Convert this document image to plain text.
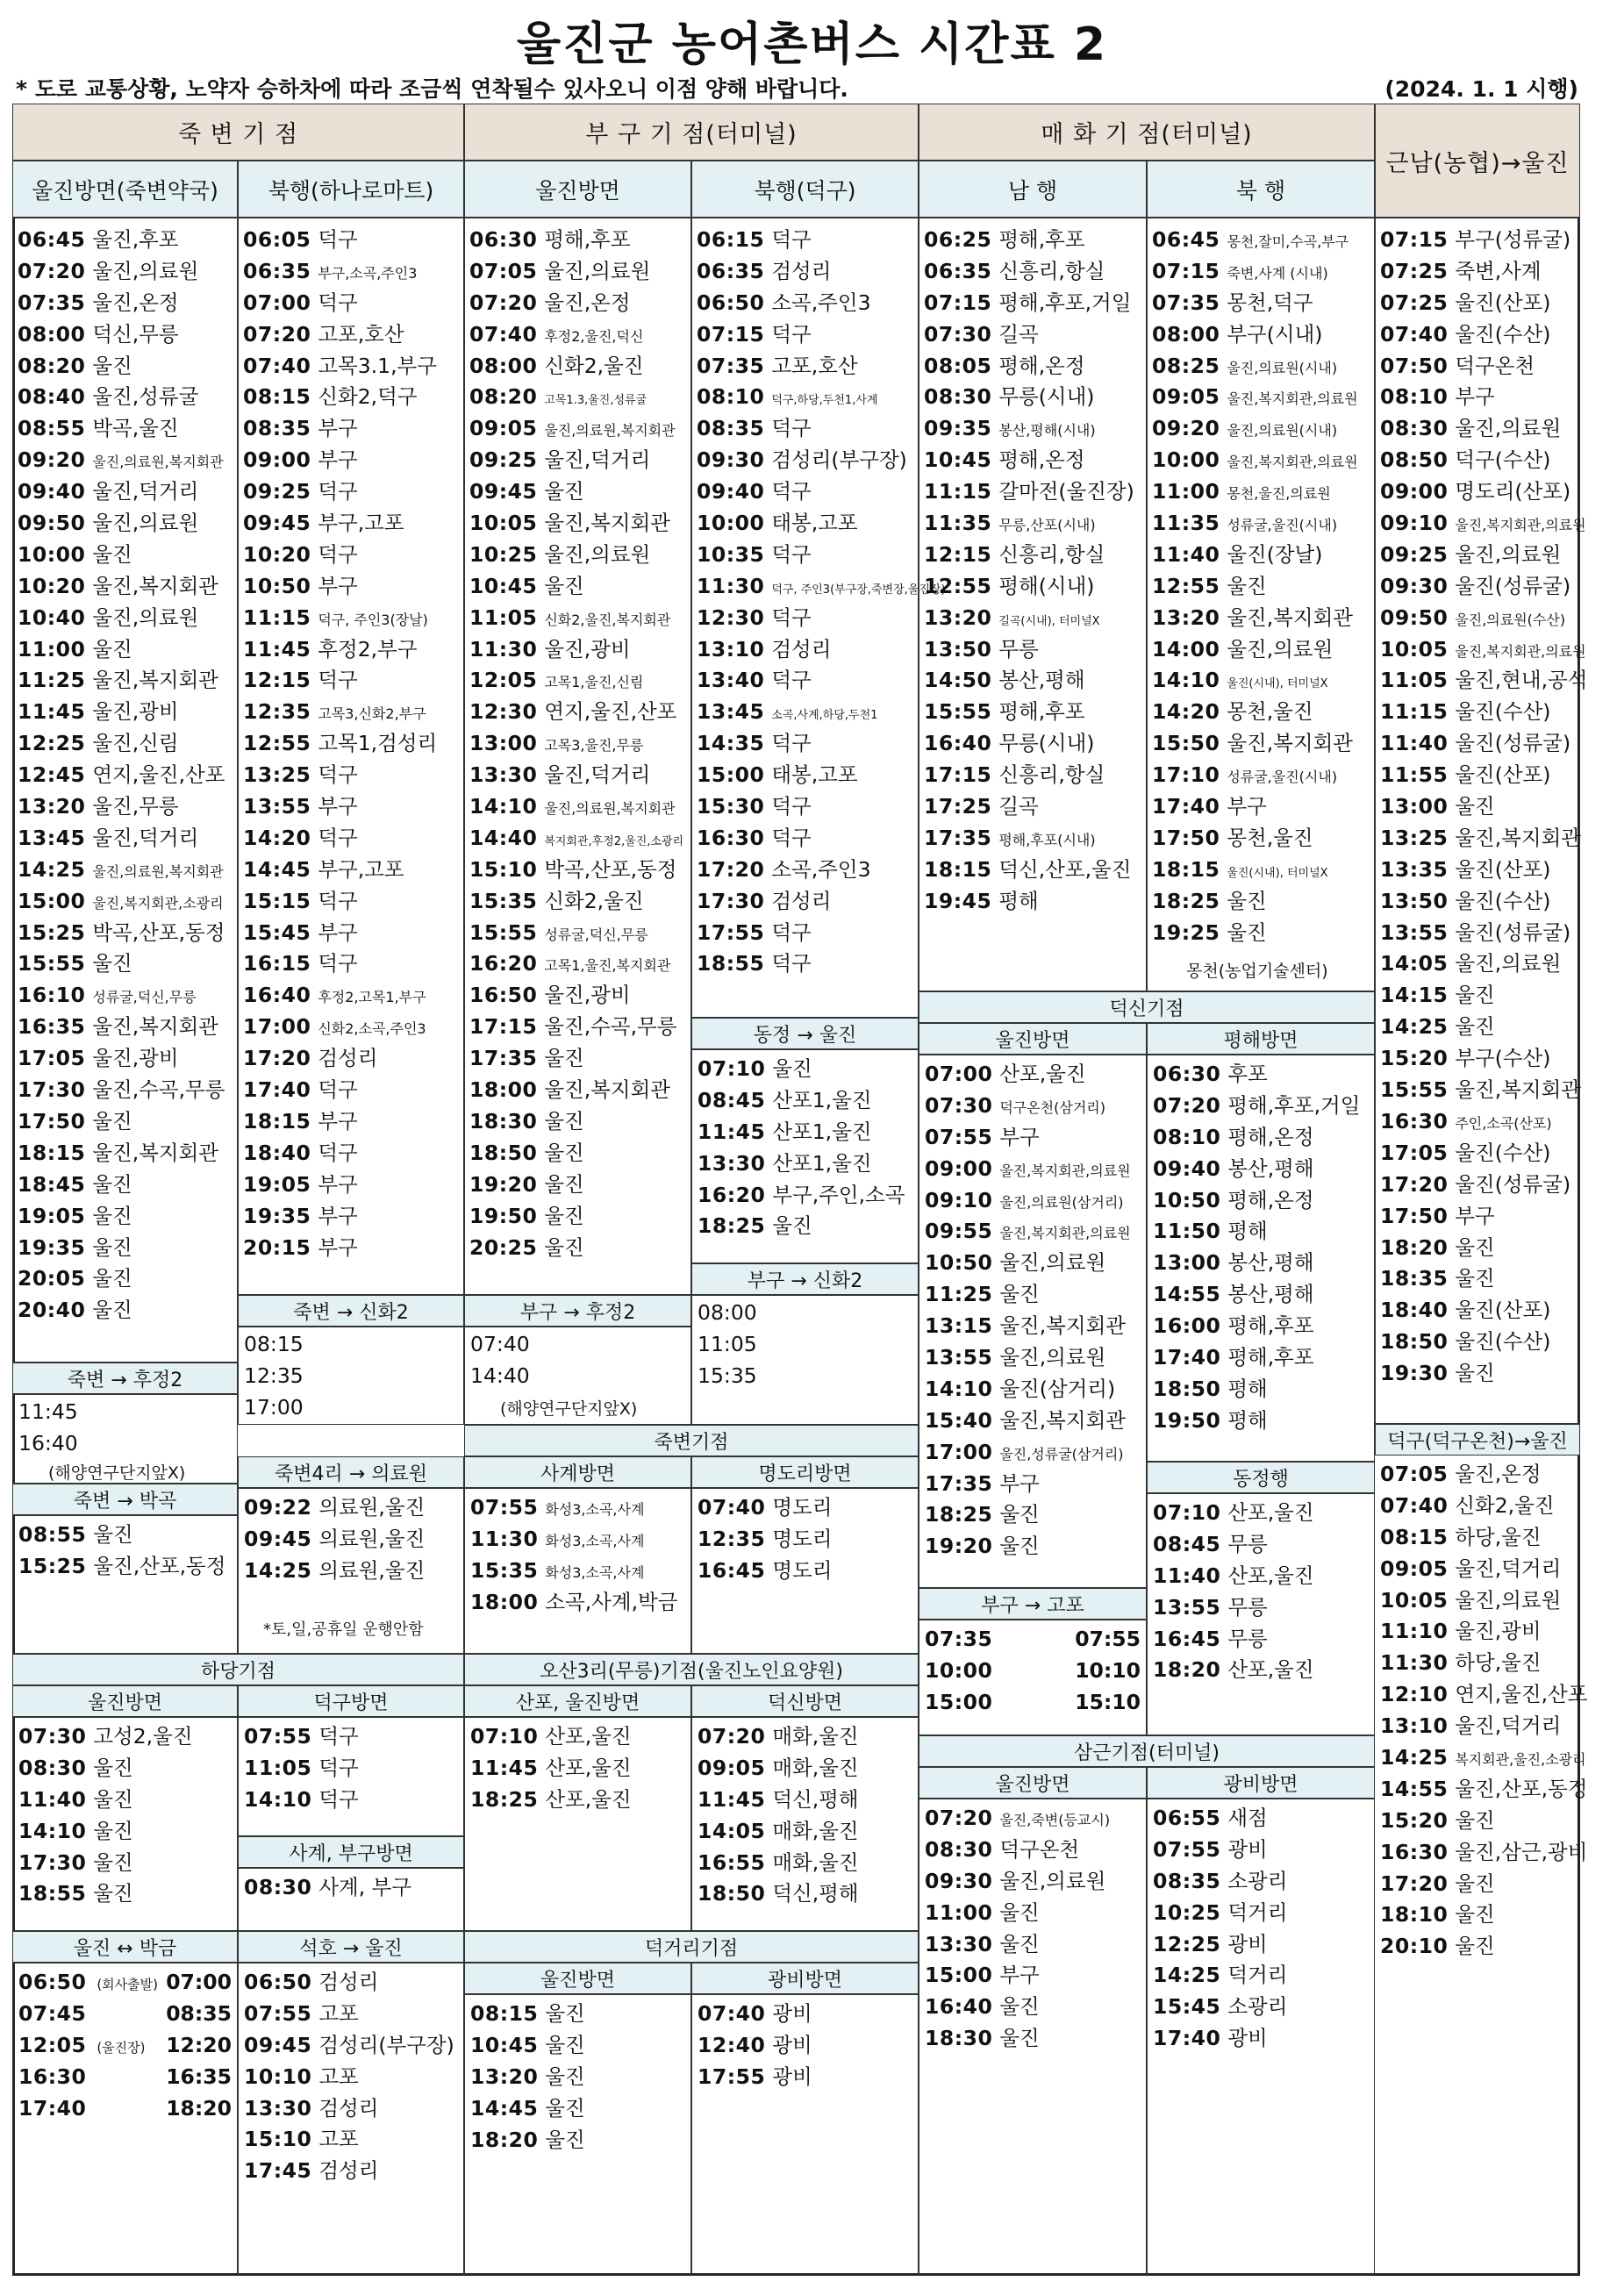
울진군 농어촌버스 시간표 2
* 도로 교통상황, 노약자 승하차에 따라 조금씩 연착될수 있사오니 이점 양해 바랍니다.	(2024. 1. 1 시행)
죽 변 기 점	부 구 기 점(터미널)	매 화 기 점(터미널)
근남(농협)→울진
울진방면(죽변약국)	북행(하나로마트)	울진방면	북행(덕구)	남 행	북 행
06:45 울진,후포
07:20 울진,의료원
07:35 울진,온정
08:00 덕신,무릉
08:20 울진
08:40 울진,성류굴
08:55 박곡,울진
09:20 울진,의료원,복지회관
09:40 울진,덕거리
09:50 울진,의료원
10:00 울진
10:20 울진,복지회관
10:40 울진,의료원
11:00 울진
11:25 울진,복지회관
11:45 울진,광비
12:25 울진,신림
12:45 연지,울진,산포
13:20 울진,무릉
13:45 울진,덕거리
14:25 울진,의료원,복지회관
15:00 울진,복지회관,소광리
15:25 박곡,산포,동정
15:55 울진
16:10 성류굴,덕신,무릉
16:35 울진,복지회관
17:05 울진,광비
17:30 울진,수곡,무릉
17:50 울진
18:15 울진,복지회관
18:45 울진
19:05 울진
19:35 울진
20:05 울진
20:40 울진
06:05 덕구
06:35 부구,소곡,주인3
07:00 덕구
07:20 고포,호산
07:40 고목3.1,부구
08:15 신화2,덕구
08:35 부구
09:00 부구
09:25 덕구
09:45 부구,고포
10:20 덕구
10:50 부구
11:15 덕구, 주인3(장날)
11:45 후정2,부구
12:15 덕구
12:35 고목3,신화2,부구
12:55 고목1,검성리
13:25 덕구
13:55 부구
14:20 덕구
14:45 부구,고포
15:15 덕구
15:45 부구
16:15 덕구
16:40 후정2,고목1,부구
17:00 신화2,소곡,주인3
17:20 검성리
17:40 덕구
18:15 부구
18:40 덕구
19:05 부구
19:35 부구
20:15 부구
06:30 평해,후포
07:05 울진,의료원
07:20 울진,온정
07:40 후정2,울진,덕신
08:00 신화2,울진
08:20 고목1.3,울진,성류굴
09:05 울진,의료원,복지회관
09:25 울진,덕거리
09:45 울진
10:05 울진,복지회관
10:25 울진,의료원
10:45 울진
11:05 신화2,울진,복지회관
11:30 울진,광비
12:05 고목1,울진,신림
12:30 연지,울진,산포
13:00 고목3,울진,무릉
13:30 울진,덕거리
14:10 울진,의료원,복지회관
14:40 복지회관,후정2,울진,소광리
15:10 박곡,산포,동정
15:35 신화2,울진
15:55 성류굴,덕신,무릉
16:20 고목1,울진,복지회관
16:50 울진,광비
17:15 울진,수곡,무릉
17:35 울진
18:00 울진,복지회관
18:30 울진
18:50 울진
19:20 울진
19:50 울진
20:25 울진
06:15 덕구
06:35 검성리
06:50 소곡,주인3
07:15 덕구
07:35 고포,호산
08:10 덕구,하당,두천1,사계
08:35 덕구
09:30 검성리(부구장)
09:40 덕구
10:00 태봉,고포
10:35 덕구
11:30 덕구, 주인3(부구장,죽변장,울진장)
12:30 덕구
13:10 검성리
13:40 덕구
13:45 소곡,사계,하당,두천1
14:35 덕구
15:00 태봉,고포
15:30 덕구
16:30 덕구
17:20 소곡,주인3
17:30 검성리
17:55 덕구
18:55 덕구
06:25 평해,후포
06:35 신흥리,항실
07:15 평해,후포,거일
07:30 길곡
08:05 평해,온정
08:30 무릉(시내)
09:35 봉산,평해(시내)
10:45 평해,온정
11:15 갈마전(울진장)
11:35 무릉,산포(시내)
12:15 신흥리,항실
12:55 평해(시내)
13:20 길곡(시내), 터미널X
13:50 무릉
14:50 봉산,평해
15:55 평해,후포
16:40 무릉(시내)
17:15 신흥리,항실
17:25 길곡
17:35 평해,후포(시내)
18:15 덕신,산포,울진
19:45 평해
06:45 몽천,잘미,수곡,부구
07:15 죽변,사계 (시내)
07:35 몽천,덕구
08:00 부구(시내)
08:25 울진,의료원(시내)
09:05 울진,복지회관,의료원
09:20 울진,의료원(시내)
10:00 울진,복지회관,의료원
11:00 몽천,울진,의료원
11:35 성류굴,울진(시내)
11:40 울진(장날)
12:55 울진
13:20 울진,복지회관
14:00 울진,의료원
14:10 울진(시내), 터미널X
14:20 몽천,울진
15:50 울진,복지회관
17:10 성류굴,울진(시내)
17:40 부구
17:50 몽천,울진
18:15 울진(시내), 터미널X
18:25 울진
19:25 울진
몽천(농업기술센터)
07:15 부구(성류굴)
07:25 죽변,사계
07:25 울진(산포)
07:40 울진(수산)
07:50 덕구온천
08:10 부구
08:30 울진,의료원
08:50 덕구(수산)
09:00 명도리(산포)
09:10 울진,복지회관,의료원
09:25 울진,의료원
09:30 울진(성류굴)
09:50 울진,의료원(수산)
10:05 울진,복지회관,의료원
11:05 울진,현내,공석
11:15 울진(수산)
11:40 울진(성류굴)
11:55 울진(산포)
13:00 울진
13:25 울진,복지회관
13:35 울진(산포)
13:50 울진(수산)
13:55 울진(성류굴)
14:05 울진,의료원
14:15 울진
14:25 울진
15:20 부구(수산)
15:55 울진,복지회관
16:30 주인,소곡(산포)
17:05 울진(수산)
17:20 울진(성류굴)
17:50 부구
18:20 울진
18:35 울진
18:40 울진(산포)
18:50 울진(수산)
19:30 울진
덕구(덕구온천)→울진
07:05 울진,온정
07:40 신화2,울진
08:15 하당,울진
09:05 울진,덕거리
10:05 울진,의료원
11:10 울진,광비
11:30 하당,울진
12:10 연지,울진,산포
13:10 울진,덕거리
14:25 복지회관,울진,소광리
14:55 울진,산포,동정
15:20 울진
16:30 울진,삼근,광비
17:20 울진
18:10 울진
20:10 울진
죽변 → 후정2
11:45
16:40
(해양연구단지앞X)
죽변 → 박곡
08:55 울진
15:25 울진,산포,동정
죽변 → 신화2
08:15
12:35
17:00
부구 → 후정2
07:40
14:40
(해양연구단지앞X)
동정 → 울진
07:10 울진
08:45 산포1,울진
11:45 산포1,울진
13:30 산포1,울진
16:20 부구,주인,소곡
18:25 울진
부구 → 신화2
08:00
11:05
15:35
죽변기점
죽변4리 → 의료원	사계방면	명도리방면
09:22 의료원,울진
09:45 의료원,울진
14:25 의료원,울진
*토,일,공휴일 운행안함
07:55 화성3,소곡,사계
11:30 화성3,소곡,사계
15:35 화성3,소곡,사계
18:00 소곡,사계,박금
07:40 명도리
12:35 명도리
16:45 명도리
덕신기점
울진방면	평해방면
07:00 산포,울진
07:30 덕구온천(삼거리)
07:55 부구
09:00 울진,복지회관,의료원
09:10 울진,의료원(삼거리)
09:55 울진,복지회관,의료원
10:50 울진,의료원
11:25 울진
13:15 울진,복지회관
13:55 울진,의료원
14:10 울진(삼거리)
15:40 울진,복지회관
17:00 울진,성류굴(삼거리)
17:35 부구
18:25 울진
19:20 울진
06:30 후포
07:20 평해,후포,거일
08:10 평해,온정
09:40 봉산,평해
10:50 평해,온정
11:50 평해
13:00 봉산,평해
14:55 봉산,평해
16:00 평해,후포
17:40 평해,후포
18:50 평해
19:50 평해
동정행
07:10 산포,울진
08:45 무릉
11:40 산포,울진
13:55 무릉
16:45 무릉
18:20 산포,울진
부구 → 고포
07:35	07:55
10:00	10:10
15:00	15:10
하당기점
울진방면	덕구방면
07:30 고성2,울진
08:30 울진
11:40 울진
14:10 울진
17:30 울진
18:55 울진
07:55 덕구
11:05 덕구
14:10 덕구
사계, 부구방면
08:30 사계, 부구
오산3리(무릉)기점(울진노인요양원)
산포, 울진방면	덕신방면
07:10 산포,울진
11:45 산포,울진
18:25 산포,울진
07:20 매화,울진
09:05 매화,울진
11:45 덕신,평해
14:05 매화,울진
16:55 매화,울진
18:50 덕신,평해
삼근기점(터미널)
울진방면	광비방면
07:20 울진,죽변(등교시)
08:30 덕구온천
09:30 울진,의료원
11:00 울진
13:30 울진
15:00 부구
16:40 울진
18:30 울진
06:55 새점
07:55 광비
08:35 소광리
10:25 덕거리
12:25 광비
14:25 덕거리
15:45 소광리
17:40 광비
울진 ↔ 박금
06:50 (회사출발) 07:00
07:45	08:35
12:05 (울진장) 12:20
16:30	16:35
17:40	18:20
석호 → 울진
06:50 검성리
07:55 고포
09:45 검성리(부구장)
10:10 고포
13:30 검성리
15:10 고포
17:45 검성리
덕거리기점
울진방면	광비방면
08:15 울진
10:45 울진
13:20 울진
14:45 울진
18:20 울진
07:40 광비
12:40 광비
17:55 광비
